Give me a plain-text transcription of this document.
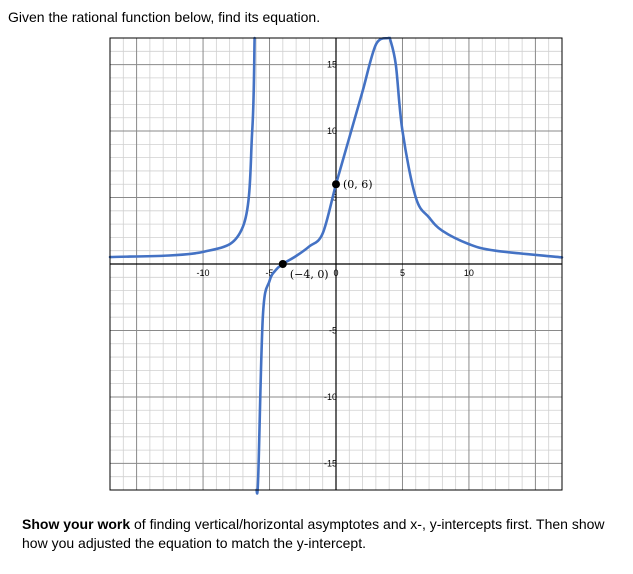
Given the rational function below, find its equation.

-10	-5	0	5	10
15
10
5
-5
-10
-15
(−4, 0)
(0, 6)

Show your work of finding vertical/horizontal asymptotes and x-, y-intercepts first. Then show how you adjusted the equation to match the y-intercept.
